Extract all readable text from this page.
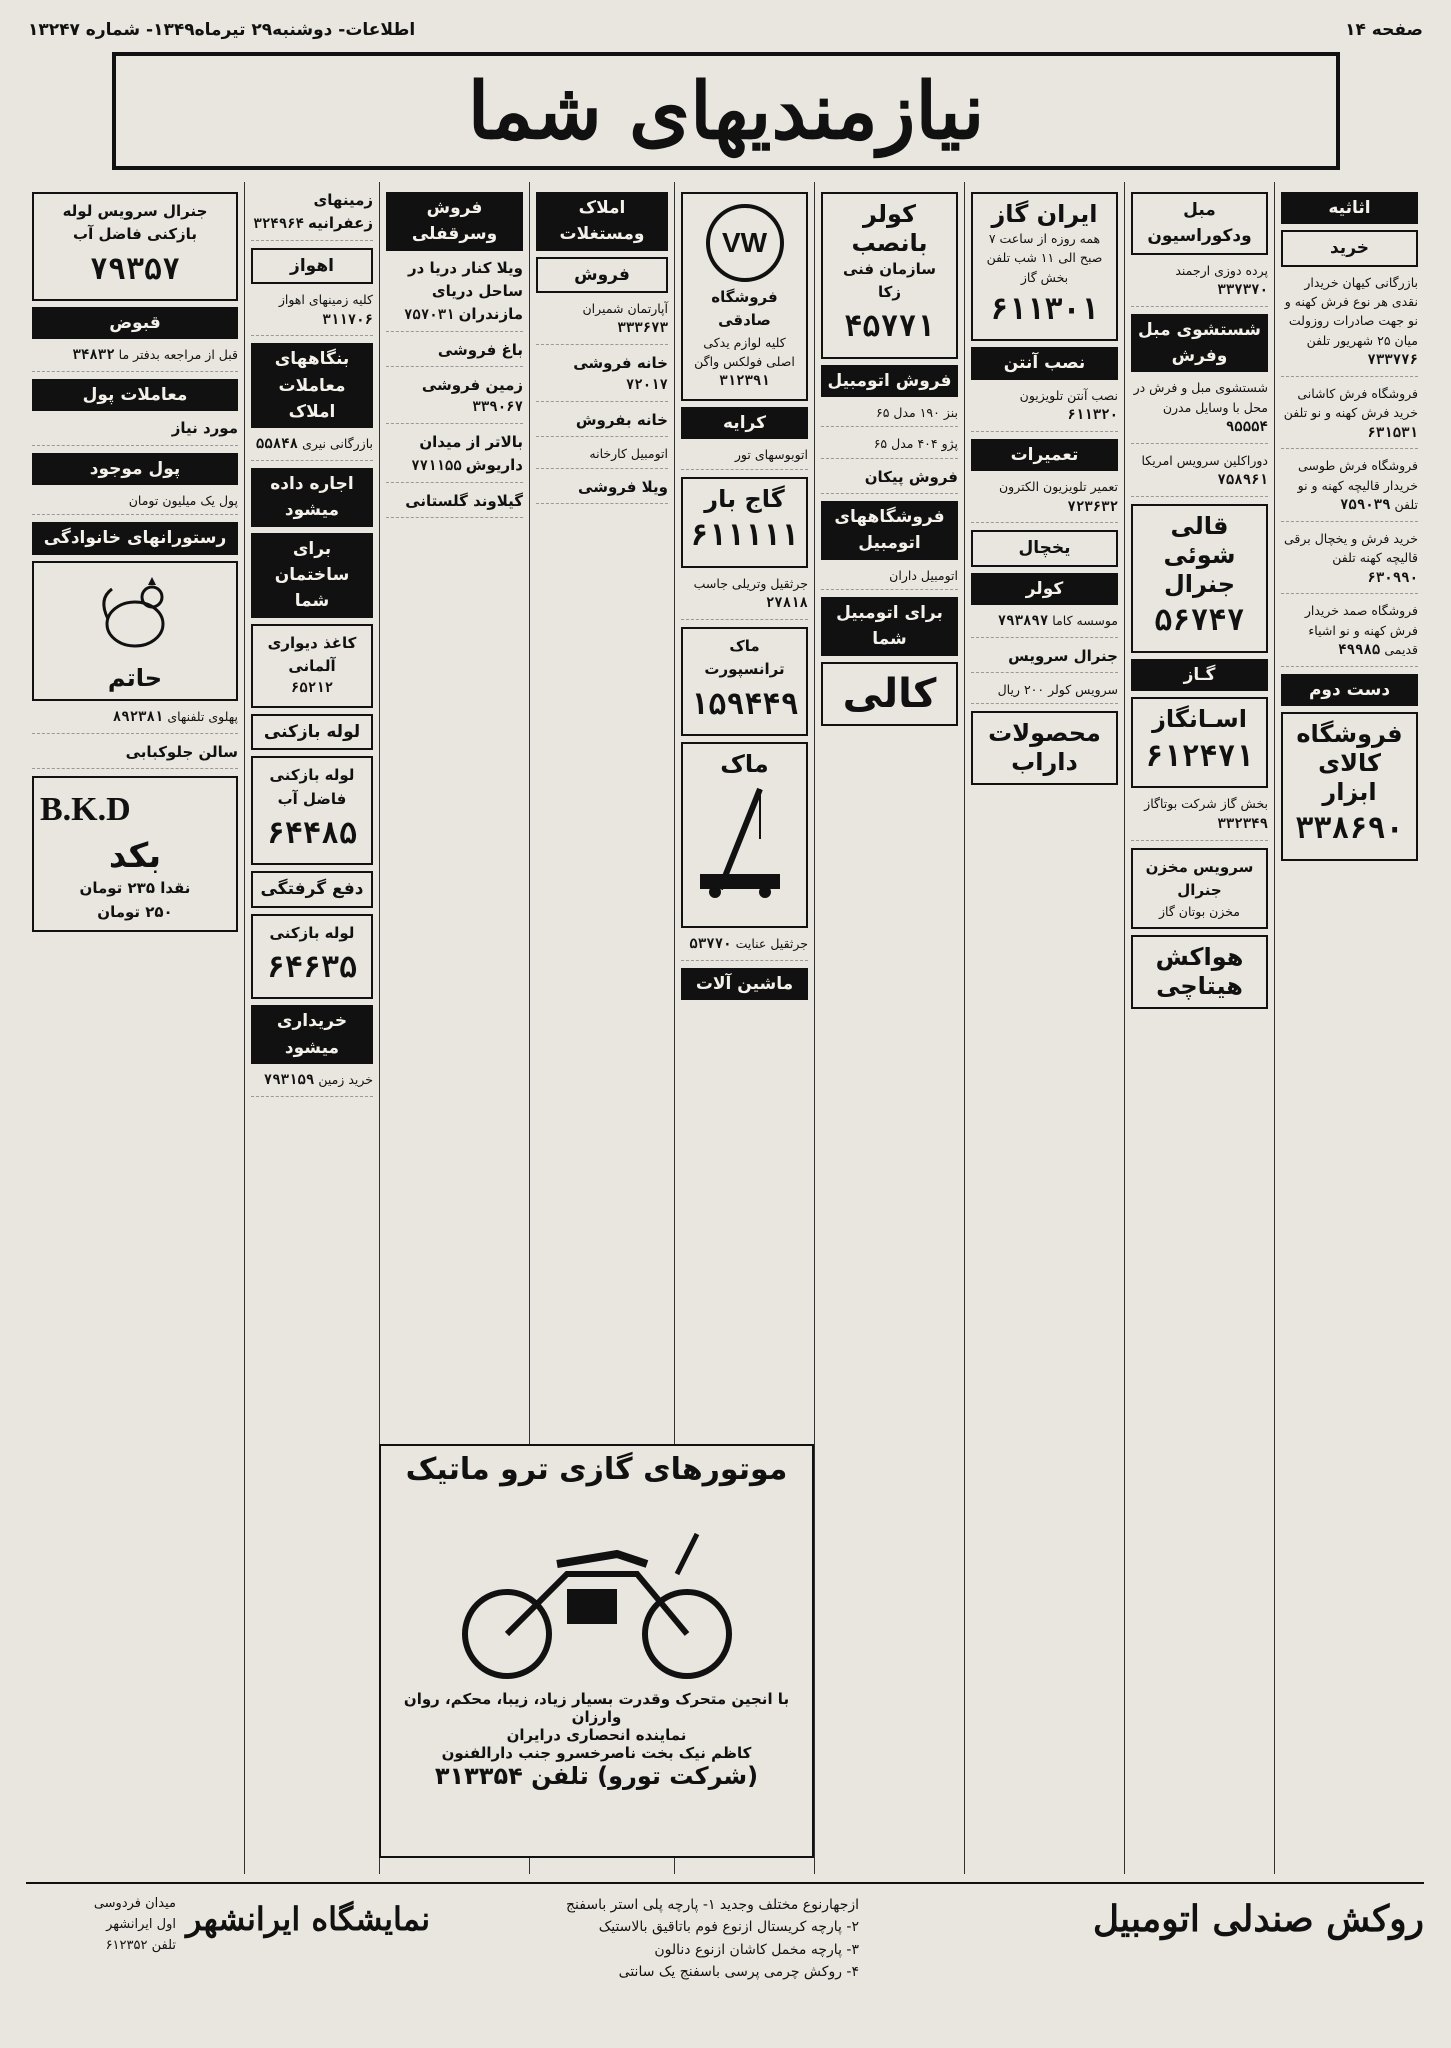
صفحه ۱۴
اطلاعات- دوشنبه۲۹ تیرماه۱۳۴۹- شماره ۱۳۲۴۷
نیازمندیهای شما
اثاثیه
خرید
بازرگانی کیهان خریدار نقدی هر نوع فرش کهنه و نو جهت صادرات روزولت میان ۲۵ شهریور تلفن ۷۳۳۷۷۶
فروشگاه فرش کاشانی خرید فرش کهنه و نو تلفن ۶۳۱۵۳۱
فروشگاه فرش طوسی خریدار قالیچه کهنه و نو تلفن ۷۵۹۰۳۹
خرید فرش و یخچال برقی قالیچه کهنه تلفن ۶۳۰۹۹۰
فروشگاه صمد خریدار فرش کهنه و نو اشیاء قدیمی ۴۹۹۸۵
دست دوم
فروشگاه کالای ابزار
۳۳۸۶۹۰
مبل ودکوراسیون
پرده دوزی ارجمند ۳۳۷۳۷۰
شستشوی مبل وفرش
شستشوی مبل و فرش در محل با وسایل مدرن ۹۵۵۵۴
دوراکلین سرویس امریکا ۷۵۸۹۶۱
قالی شوئی جنرال
۵۶۷۴۷
گـاز
اسـانگاز
۶۱۲۴۷۱
بخش گاز شرکت بوتاگاز ۳۳۲۳۴۹
سرویس مخزن جنرال
مخزن بوتان گاز
هواکش هیتاچی
ایران گاز
همه روزه از ساعت ۷ صبح الی ۱۱ شب تلفن بخش گاز
۶۱۱۳۰۱
نصب آنتن
نصب آنتن تلویزیون ۶۱۱۳۲۰
تعمیرات
تعمیر تلویزیون الکترون ۷۲۳۶۳۲
یخچال
کولر
موسسه کاما ۷۹۳۸۹۷
جنرال سرویس
سرویس کولر ۲۰۰ ریال
محصولات داراب
کولر بانصب
سازمان فنی زکا
۴۵۷۷۱
فروش اتومبیل
بنز ۱۹۰ مدل ۶۵
پژو ۴۰۴ مدل ۶۵
فروش پیکان
فروشگاههای اتومبیل
اتومبیل داران
برای اتومبیل شما
کالی
VW
فروشگاه صادقی
کلیه لوازم یدکی اصلی فولکس واگن
۳۱۲۳۹۱
کرایه
اتوبوسهای تور
گاج بار
۶۱۱۱۱۱
جرثقیل وتریلی جاسب ۲۷۸۱۸
ماک ترانسپورت
۱۵۹۴۴۹
ماک
جرثقیل عنایت ۵۳۷۷۰
ماشین آلات
املاک ومستغلات
فروش
آپارتمان شمیران ۳۳۳۶۷۳
خانه فروشی ۷۲۰۱۷
خانه بفروش
اتومبیل کارخانه
ویلا فروشی
فروش وسرقفلی
ویلا کنار دریا در ساحل دریای مازندران ۷۵۷۰۳۱
باغ فروشی
زمین فروشی ۳۳۹۰۶۷
بالاتر از میدان داریوش ۷۷۱۱۵۵
گیلاوند گلستانی
زمینهای زعفرانیه ۳۲۴۹۶۴
اهواز
کلیه زمینهای اهواز ۳۱۱۷۰۶
بنگاههای معاملات املاک
بازرگانی نیری ۵۵۸۴۸
اجاره داده میشود
برای ساختمان شما
کاغذ دیواری آلمانی
۶۵۲۱۲
لوله بازکنی
لوله بازکنی فاضل آب
۶۴۴۸۵
دفع گرفتگی
لوله بازکنی
۶۴۶۳۵
خریداری میشود
خرید زمین ۷۹۳۱۵۹
جنرال سرویس لوله بازکنی فاضل آب
۷۹۳۵۷
قبوض
قبل از مراجعه بدفتر ما ۳۴۸۳۲
معاملات پول
مورد نیاز
پول موجود
پول یک میلیون تومان
رستورانهای خانوادگی
حاتم
پهلوی تلفنهای ۸۹۲۳۸۱
سالن جلوکبابی
B.K.D
بکد
نقدا ۲۳۵ تومان
۲۵۰ تومان
موتورهای گازی ترو ماتیک
با انجین متحرک وقدرت بسیار زیاد، زیبا، محکم، روان وارزان
نماینده انحصاری درایران
کاظم نیک بخت ناصرخسرو جنب دارالفنون
(شرکت تورو) تلفن ۳۱۳۳۵۴
روکش صندلی اتومبیل
ازجهارنوع مختلف وجدید ۱- پارچه پلی استر باسفنج
۲- پارچه کریستال ازنوع فوم باتاقیق بالاستیک
۳- پارچه مخمل کاشان ازنوع دنالون
۴- روکش چرمی پرسی باسفنج یک سانتی
نمایشگاه ایرانشهر
میدان فردوسی
اول ایرانشهر
تلفن ۶۱۲۳۵۲
